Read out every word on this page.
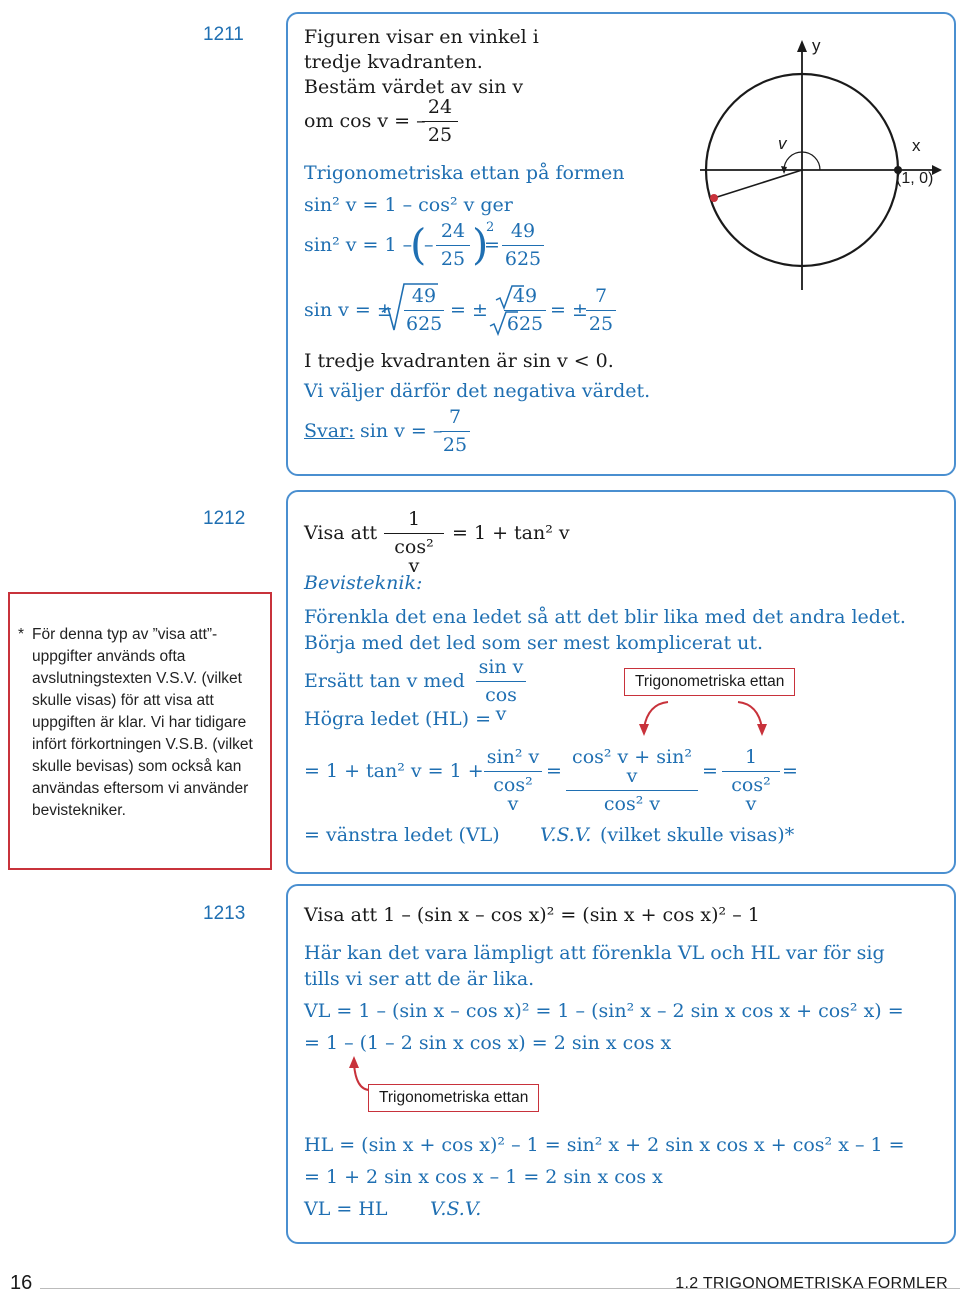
1211	Figuren visar en vinkel i
tredje kvadranten.
Bestäm värdet av sin v
om cos v = –
$\frac{24}{25}$
Trigonometriska ettan på formen
sin² v = 1 – cos² v ger
sin² v = 1 –
(
– $\frac{24}{25}$ )
2
= $\frac{49}{625}$
sin v = ± $\frac{49}{625}$ = ± $\frac{49}{625}$ = ±
$\frac{7}{25}$
I tredje kvadranten är sin v < 0.
Vi väljer därför det negativa värdet.
Svar: sin v = –
$\frac{7}{25}$
y
x
v
(1, 0)
1212
* För denna typ av ”visa att”-uppgifter används ofta avslutningstexten V.S.V. (vilket skulle visas) för att visa att uppgiften är klar. Vi har tidigare infört förkortningen V.S.B. (vilket skulle bevisas) som också kan användas eftersom vi använder bevistekniker.
Visa att $\frac{1}{\text{cos² v}} = 1 + \tan^2$ v
Bevisteknik:
Förenkla det ena ledet så att det blir lika med det andra ledet.
Börja med det led som ser mest komplicerat ut.
Ersätt tan v med $\frac{\text{sin v}}{\text{cos v}}$	Trigonometriska ettan
Högra ledet (HL) =
= 1 + tan² $v = 1 + \frac{\text{sin² v}}{\text{cos² v}} = \frac{\text{cos² v + sin² v}}{\text{cos² v}} = \frac{1}{\text{cos² v}}$ =
= vänstra ledet (VL) V.S.V. (vilket skulle visas)*
1213	Visa att 1 – (sin x – cos x)² = (sin x + cos x)² – 1
Här kan det vara lämpligt att förenkla VL och HL var för sig
tills vi ser att de är lika.
VL = 1 – (sin x – cos x)² = 1 – (sin² x – 2 sin x cos x + cos² x) =
= 1 – (1 – 2 sin x cos x) = 2 sin x cos x
Trigonometriska ettan
HL = (sin x + cos x)² – 1 = sin² x + 2 sin x cos x + cos² x – 1 =
= 1 + 2 sin x cos x – 1 = 2 sin x cos x
VL = HL V.S.V.
16	1.2 TRIGONOMETRISKA FORMLER
